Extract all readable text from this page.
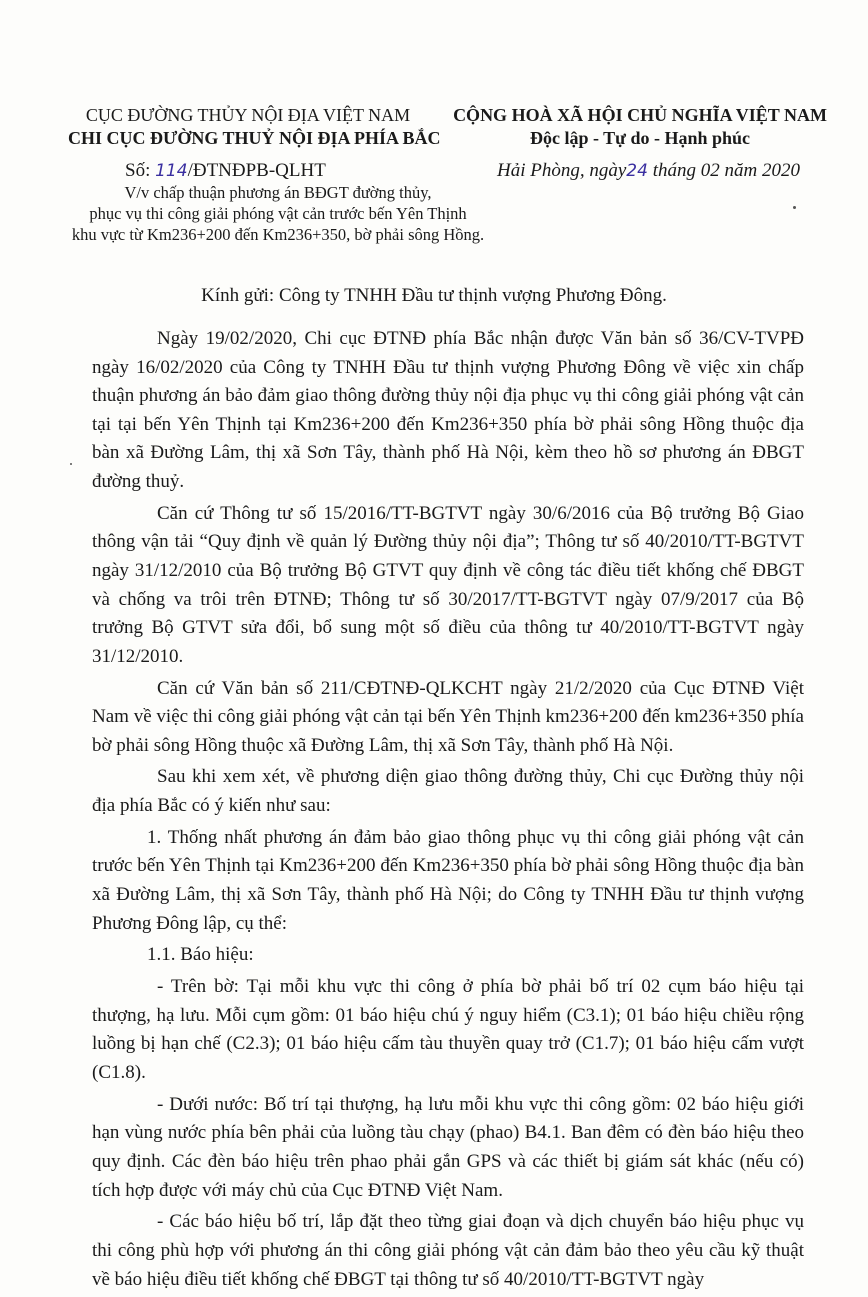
CỤC ĐƯỜNG THỦY NỘI ĐỊA VIỆT NAM
CHI CỤC ĐƯỜNG THUỶ NỘI ĐỊA PHÍA BẮC
CỘNG HOÀ XÃ HỘI CHỦ NGHĨA VIỆT NAM
Độc lập - Tự do - Hạnh phúc
Số: 114/ĐTNĐPB-QLHT	Hải Phòng, ngày24 tháng 02 năm 2020
V/v chấp thuận phương án BĐGT đường thủy,
phục vụ thi công giải phóng vật cản trước bến Yên Thịnh
khu vực từ Km236+200 đến Km236+350, bờ phải sông Hồng.
Kính gửi: Công ty TNHH Đầu tư thịnh vượng Phương Đông.

Ngày 19/02/2020, Chi cục ĐTNĐ phía Bắc nhận được Văn bản số 36/CV-TVPĐ ngày 16/02/2020 của Công ty TNHH Đầu tư thịnh vượng Phương Đông về việc xin chấp thuận phương án bảo đảm giao thông đường thủy nội địa phục vụ thi công giải phóng vật cản tại tại bến Yên Thịnh tại Km236+200 đến Km236+350 phía bờ phải sông Hồng thuộc địa bàn xã Đường Lâm, thị xã Sơn Tây, thành phố Hà Nội, kèm theo hồ sơ phương án ĐBGT đường thuỷ.

Căn cứ Thông tư số 15/2016/TT-BGTVT ngày 30/6/2016 của Bộ trưởng Bộ Giao thông vận tải “Quy định về quản lý Đường thủy nội địa”; Thông tư số 40/2010/TT-BGTVT ngày 31/12/2010 của Bộ trưởng Bộ GTVT quy định về công tác điều tiết khống chế ĐBGT và chống va trôi trên ĐTNĐ; Thông tư số 30/2017/TT-BGTVT ngày 07/9/2017 của Bộ trưởng Bộ GTVT sửa đổi, bổ sung một số điều của thông tư 40/2010/TT-BGTVT ngày 31/12/2010.

Căn cứ Văn bản số 211/CĐTNĐ-QLKCHT ngày 21/2/2020 của Cục ĐTNĐ Việt Nam về việc thi công giải phóng vật cản tại bến Yên Thịnh km236+200 đến km236+350 phía bờ phải sông Hồng thuộc xã Đường Lâm, thị xã Sơn Tây, thành phố Hà Nội.

Sau khi xem xét, về phương diện giao thông đường thủy, Chi cục Đường thủy nội địa phía Bắc có ý kiến như sau:

1. Thống nhất phương án đảm bảo giao thông phục vụ thi công giải phóng vật cản trước bến Yên Thịnh tại Km236+200 đến Km236+350 phía bờ phải sông Hồng thuộc địa bàn xã Đường Lâm, thị xã Sơn Tây, thành phố Hà Nội; do Công ty TNHH Đầu tư thịnh vượng Phương Đông lập, cụ thể:

1.1. Báo hiệu:

- Trên bờ: Tại mỗi khu vực thi công ở phía bờ phải bố trí 02 cụm báo hiệu tại thượng, hạ lưu. Mỗi cụm gồm: 01 báo hiệu chú ý nguy hiểm (C3.1); 01 báo hiệu chiều rộng luồng bị hạn chế (C2.3); 01 báo hiệu cấm tàu thuyền quay trở (C1.7); 01 báo hiệu cấm vượt (C1.8).

- Dưới nước: Bố trí tại thượng, hạ lưu mỗi khu vực thi công gồm: 02 báo hiệu giới hạn vùng nước phía bên phải của luồng tàu chạy (phao) B4.1. Ban đêm có đèn báo hiệu theo quy định. Các đèn báo hiệu trên phao phải gắn GPS và các thiết bị giám sát khác (nếu có) tích hợp được với máy chủ của Cục ĐTNĐ Việt Nam.

- Các báo hiệu bố trí, lắp đặt theo từng giai đoạn và dịch chuyển báo hiệu phục vụ thi công phù hợp với phương án thi công giải phóng vật cản đảm bảo theo yêu cầu kỹ thuật về báo hiệu điều tiết khống chế ĐBGT tại thông tư số 40/2010/TT-BGTVT ngày
